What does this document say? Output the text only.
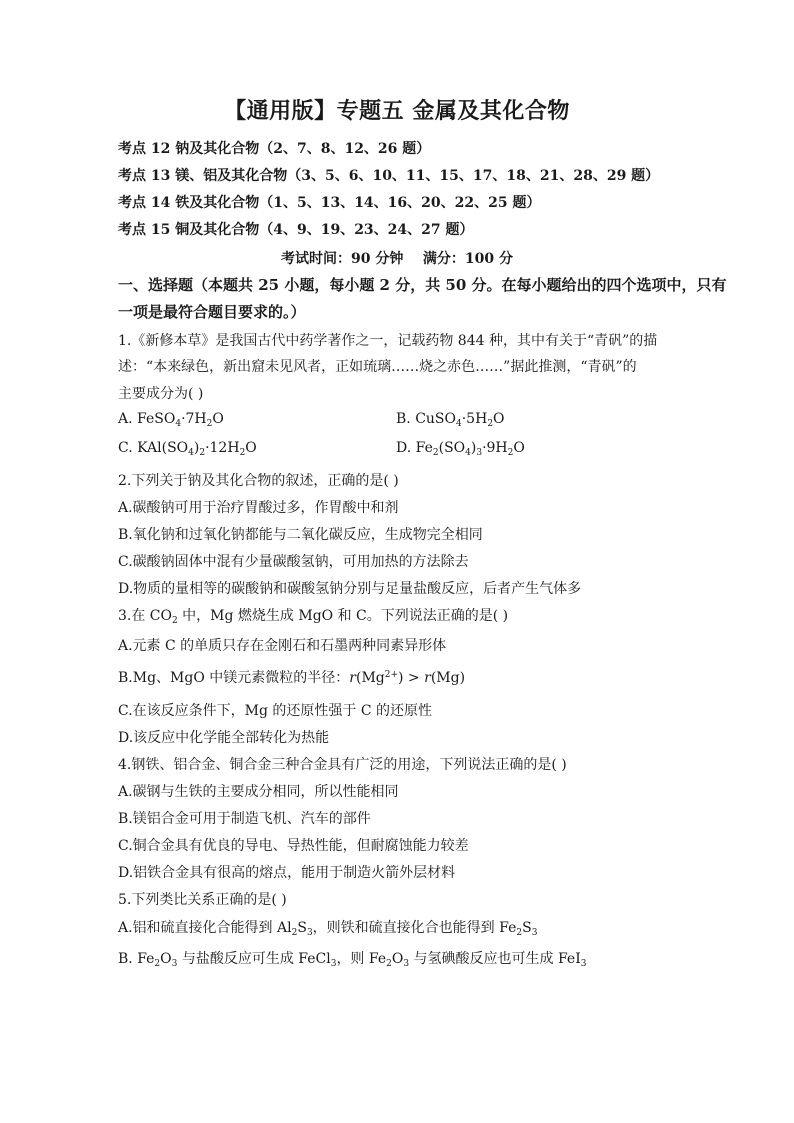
【通用版】专题五 金属及其化合物
考点 12 钠及其化合物（2、7、8、12、26 题）
考点 13 镁、铝及其化合物（3、5、6、10、11、15、17、18、21、28、29 题）
考点 14 铁及其化合物（1、5、13、14、16、20、22、25 题）
考点 15 铜及其化合物（4、9、19、23、24、27 题）
考试时间：90 分钟    满分：100 分
一、选择题（本题共 25 小题，每小题 2 分，共 50 分。在每小题给出的四个选项中，只有
一项是最符合题目要求的。）
1.《新修本草》是我国古代中药学著作之一，记载药物 844 种，其中有关于“青矾”的描
述：“本来绿色，新出窟未见风者，正如琉璃……烧之赤色……”据此推测，“青矾”的
主要成分为( )
A. $FeSO_4\cdot 7H_2O$	B. $CuSO_4\cdot 5H_2O$
C. $KAl(SO_4)_2\cdot 12H_2O$	D. $Fe_2(SO_4)_3\cdot 9H_2O$
2.下列关于钠及其化合物的叙述，正确的是( )
A.碳酸钠可用于治疗胃酸过多，作胃酸中和剂
B.氧化钠和过氧化钠都能与二氧化碳反应，生成物完全相同
C.碳酸钠固体中混有少量碳酸氢钠，可用加热的方法除去
D.物质的量相等的碳酸钠和碳酸氢钠分别与足量盐酸反应，后者产生气体多
3.在 $CO_2$ 中，Mg 燃烧生成 MgO 和 C。下列说法正确的是( )
A.元素 C 的单质只存在金刚石和石墨两种同素异形体
B.Mg、MgO 中镁元素微粒的半径：$r(Mg^{2+}) > r(Mg)$
C.在该反应条件下，Mg 的还原性强于 C 的还原性
D.该反应中化学能全部转化为热能
4.钢铁、铝合金、铜合金三种合金具有广泛的用途，下列说法正确的是( )
A.碳钢与生铁的主要成分相同，所以性能相同
B.镁铝合金可用于制造飞机、汽车的部件
C.铜合金具有优良的导电、导热性能，但耐腐蚀能力较差
D.铝铁合金具有很高的熔点，能用于制造火箭外层材料
5.下列类比关系正确的是( )
A.铝和硫直接化合能得到 $Al_2S_3$，则铁和硫直接化合也能得到 $Fe_2S_3$
B. $Fe_2O_3$ 与盐酸反应可生成 FeCl$_3$，则 $Fe_2O_3$ 与氢碘酸反应也可生成 FeI$_3$
